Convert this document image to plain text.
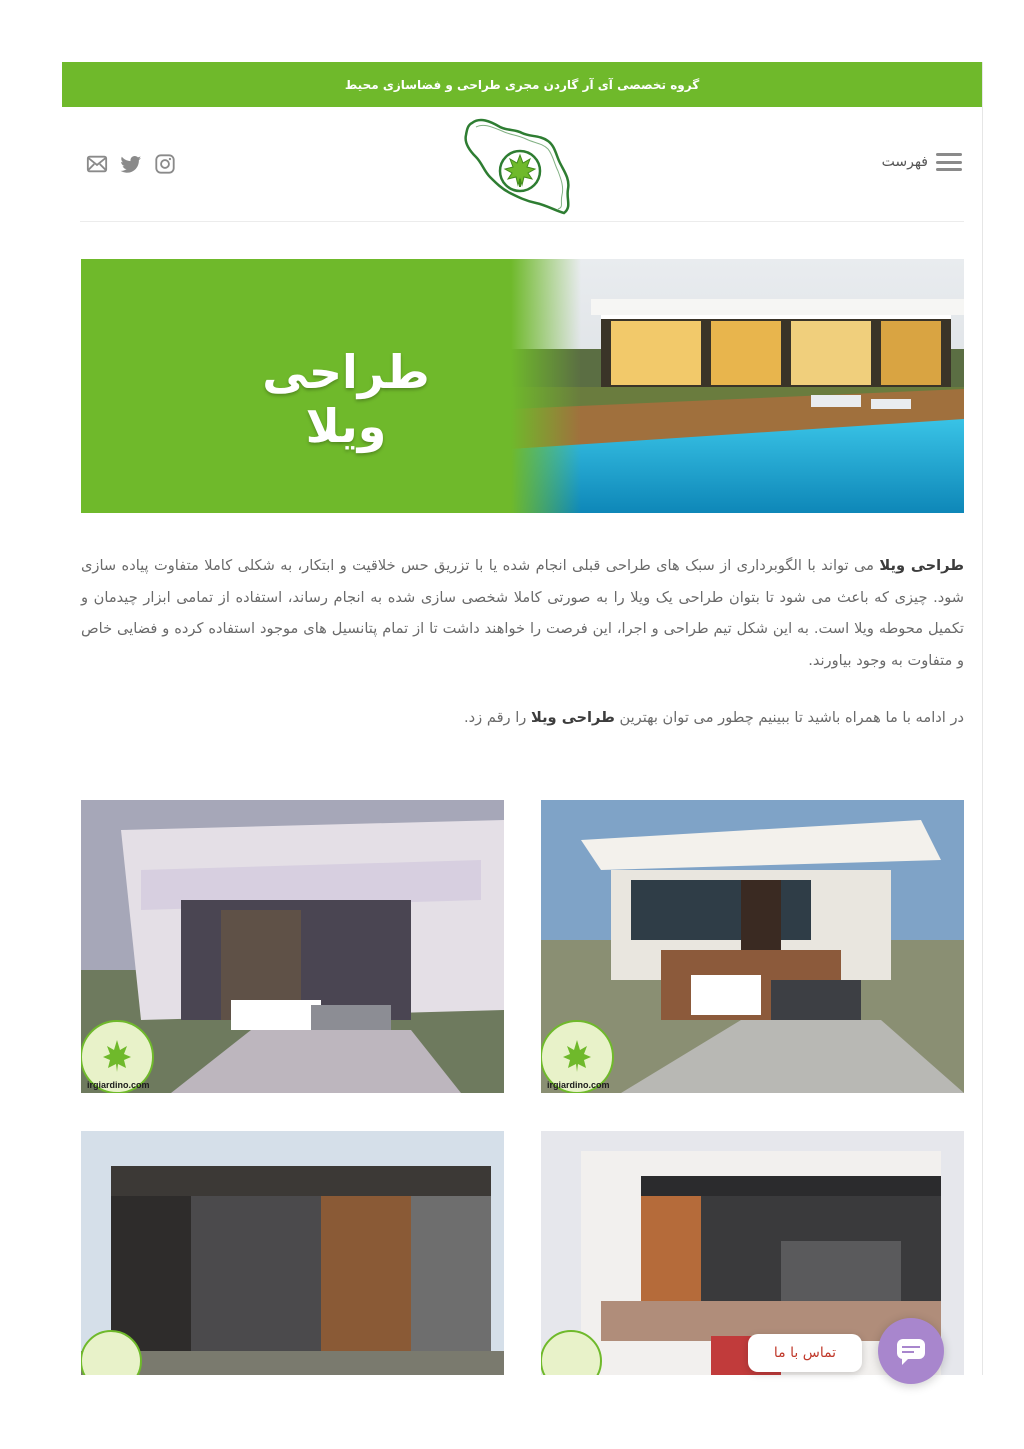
گروه تخصصی آی آر گاردن مجری طراحی و فضاسازی محیط
فهرست
طراحی ویلا

طراحی ویلا می تواند با الگوبرداری از سبک های طراحی قبلی انجام شده یا با تزریق حس خلاقیت و ابتکار، به شکلی کاملا متفاوت پیاده سازی شود. چیزی که باعث می شود تا بتوان طراحی یک ویلا را به صورتی کاملا شخصی سازی شده به انجام رساند، استفاده از تمامی ابزار چیدمان و تکمیل محوطه ویلا است. به این شکل تیم طراحی و اجرا، این فرصت را خواهند داشت تا از تمام پتانسیل های موجود استفاده کرده و فضایی خاص و متفاوت به وجود بیاورند.

در ادامه با ما همراه باشید تا ببینیم چطور می توان بهترین طراحی ویلا را رقم زد.

irgiardino.com
irgiardino.com
تماس با ما
